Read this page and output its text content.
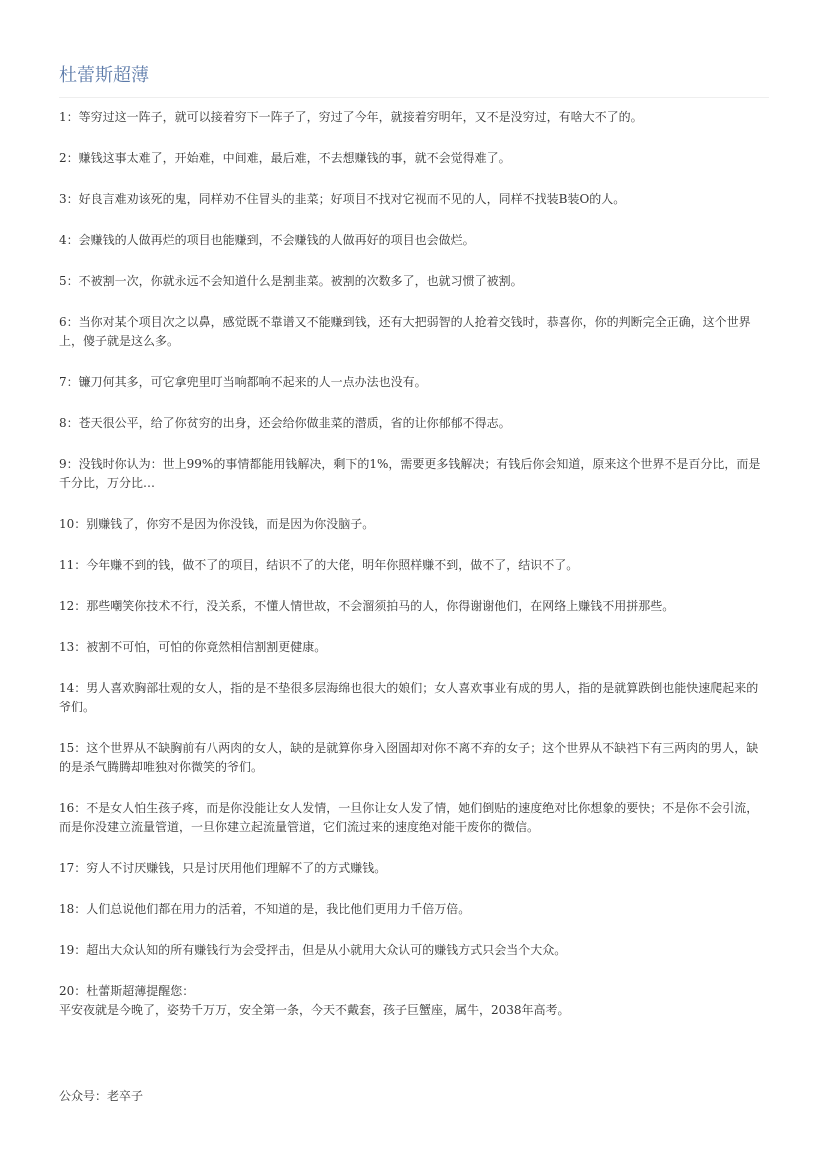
杜蕾斯超薄

1：等穷过这一阵子，就可以接着穷下一阵子了，穷过了今年，就接着穷明年，又不是没穷过，有啥大不了的。

2：赚钱这事太难了，开始难，中间难，最后难，不去想赚钱的事，就不会觉得难了。

3：好良言难劝该死的鬼，同样劝不住冒头的韭菜；好项目不找对它视而不见的人，同样不找装B装O的人。

4：会赚钱的人做再烂的项目也能赚到，不会赚钱的人做再好的项目也会做烂。

5：不被割一次，你就永远不会知道什么是割韭菜。被割的次数多了，也就习惯了被割。

6：当你对某个项目次之以鼻，感觉既不靠谱又不能赚到钱，还有大把弱智的人抢着交钱时，恭喜你，你的判断完全正确，这个世界上，傻子就是这么多。

7：镰刀何其多，可它拿兜里叮当响都响不起来的人一点办法也没有。

8：苍天很公平，给了你贫穷的出身，还会给你做韭菜的潜质，省的让你郁郁不得志。

9：没钱时你认为：世上99%的事情都能用钱解决，剩下的1%，需要更多钱解决；有钱后你会知道，原来这个世界不是百分比，而是千分比，万分比…

10：别赚钱了，你穷不是因为你没钱，而是因为你没脑子。

11：今年赚不到的钱，做不了的项目，结识不了的大佬，明年你照样赚不到，做不了，结识不了。

12：那些嘲笑你技术不行，没关系，不懂人情世故，不会溜须拍马的人，你得谢谢他们，在网络上赚钱不用拼那些。

13：被割不可怕，可怕的你竟然相信割割更健康。

14：男人喜欢胸部壮观的女人，指的是不垫很多层海绵也很大的娘们；女人喜欢事业有成的男人，指的是就算跌倒也能快速爬起来的爷们。

15：这个世界从不缺胸前有八两肉的女人，缺的是就算你身入囹圄却对你不离不弃的女子；这个世界从不缺裆下有三两肉的男人，缺的是杀气腾腾却唯独对你微笑的爷们。

16：不是女人怕生孩子疼，而是你没能让女人发情，一旦你让女人发了情，她们倒贴的速度绝对比你想象的要快；不是你不会引流，而是你没建立流量管道，一旦你建立起流量管道，它们流过来的速度绝对能干废你的微信。

17：穷人不讨厌赚钱，只是讨厌用他们理解不了的方式赚钱。

18：人们总说他们都在用力的活着，不知道的是，我比他们更用力千倍万倍。

19：超出大众认知的所有赚钱行为会受抨击，但是从小就用大众认可的赚钱方式只会当个大众。

20：杜蕾斯超薄提醒您：
平安夜就是今晚了，姿势千万万，安全第一条，今天不戴套，孩子巨蟹座，属牛，2038年高考。

公众号：老卒子
